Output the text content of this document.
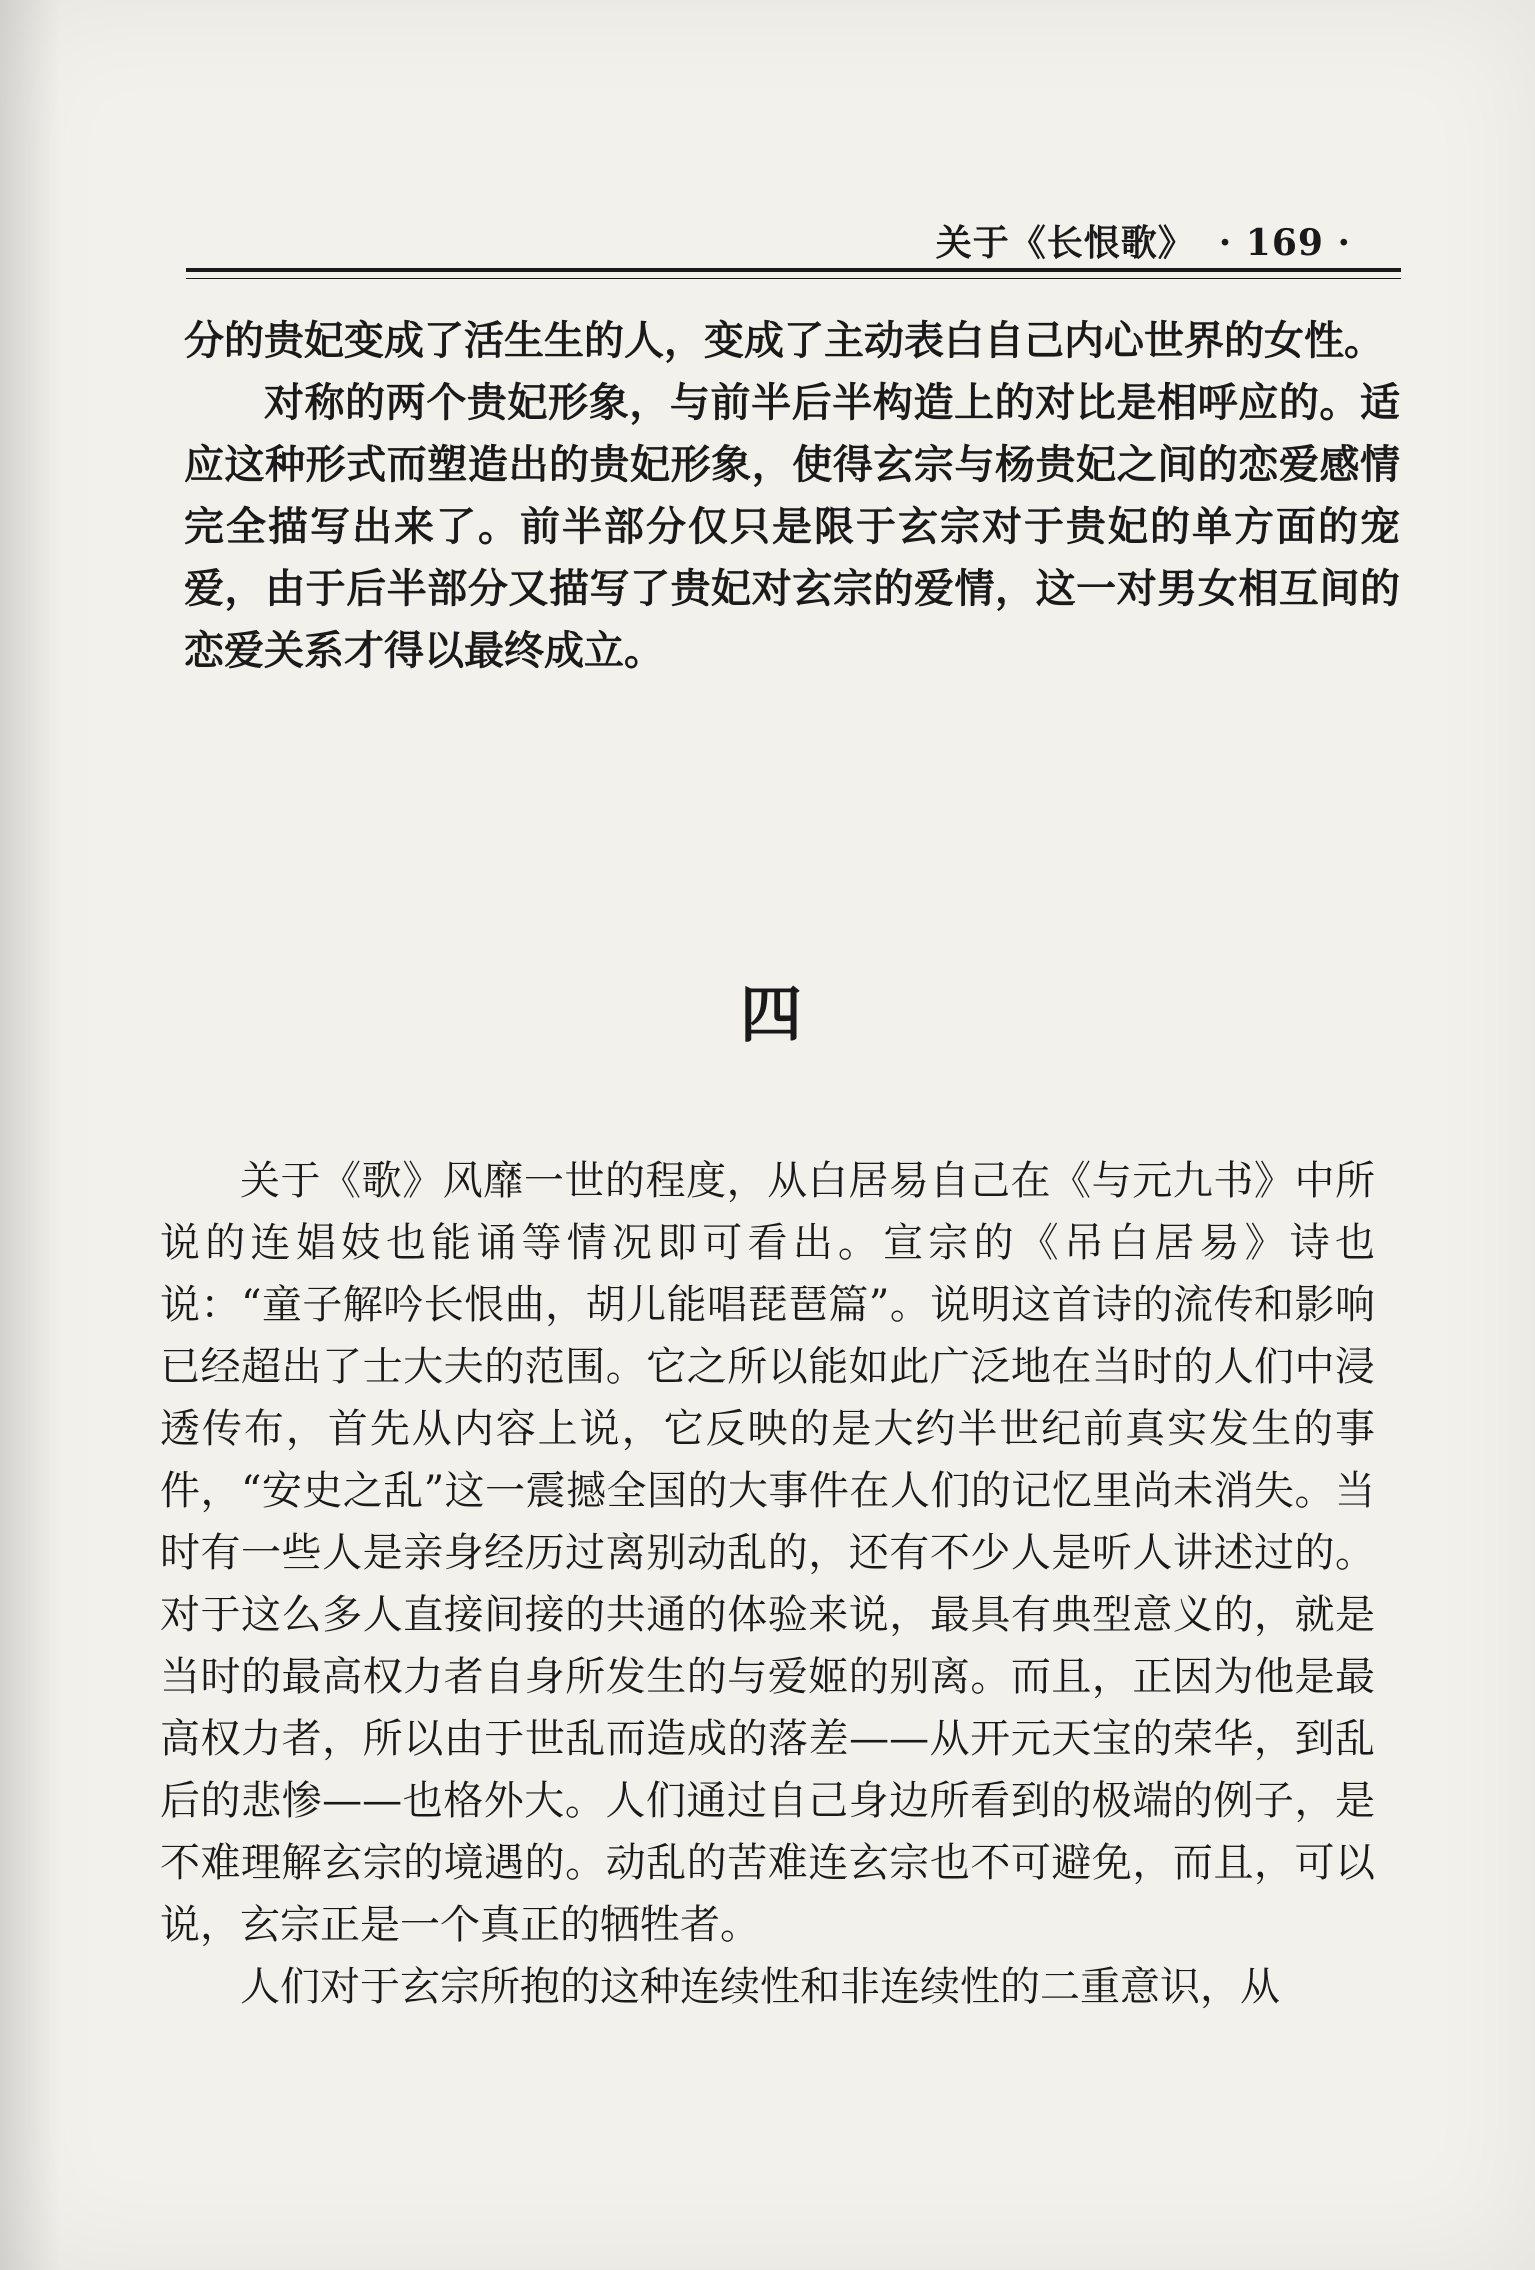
关于《长恨歌》 · 169 ·

分的贵妃变成了活生生的人，变成了主动表白自己内心世界的女性。

对称的两个贵妃形象，与前半后半构造上的对比是相呼应的。适应这种形式而塑造出的贵妃形象，使得玄宗与杨贵妃之间的恋爱感情完全描写出来了。前半部分仅只是限于玄宗对于贵妃的单方面的宠爱，由于后半部分又描写了贵妃对玄宗的爱情，这一对男女相互间的恋爱关系才得以最终成立。

四

关于《歌》风靡一世的程度，从白居易自己在《与元九书》中所说的连娼妓也能诵等情况即可看出。宣宗的《吊白居易》诗也说：“童子解吟长恨曲，胡儿能唱琵琶篇”。说明这首诗的流传和影响已经超出了士大夫的范围。它之所以能如此广泛地在当时的人们中浸透传布，首先从内容上说，它反映的是大约半世纪前真实发生的事件，“安史之乱”这一震撼全国的大事件在人们的记忆里尚未消失。当时有一些人是亲身经历过离别动乱的，还有不少人是听人讲述过的。对于这么多人直接间接的共通的体验来说，最具有典型意义的，就是当时的最高权力者自身所发生的与爱姬的别离。而且，正因为他是最高权力者，所以由于世乱而造成的落差——从开元天宝的荣华，到乱后的悲惨——也格外大。人们通过自己身边所看到的极端的例子，是不难理解玄宗的境遇的。动乱的苦难连玄宗也不可避免，而且，可以说，玄宗正是一个真正的牺牲者。

人们对于玄宗所抱的这种连续性和非连续性的二重意识，从
